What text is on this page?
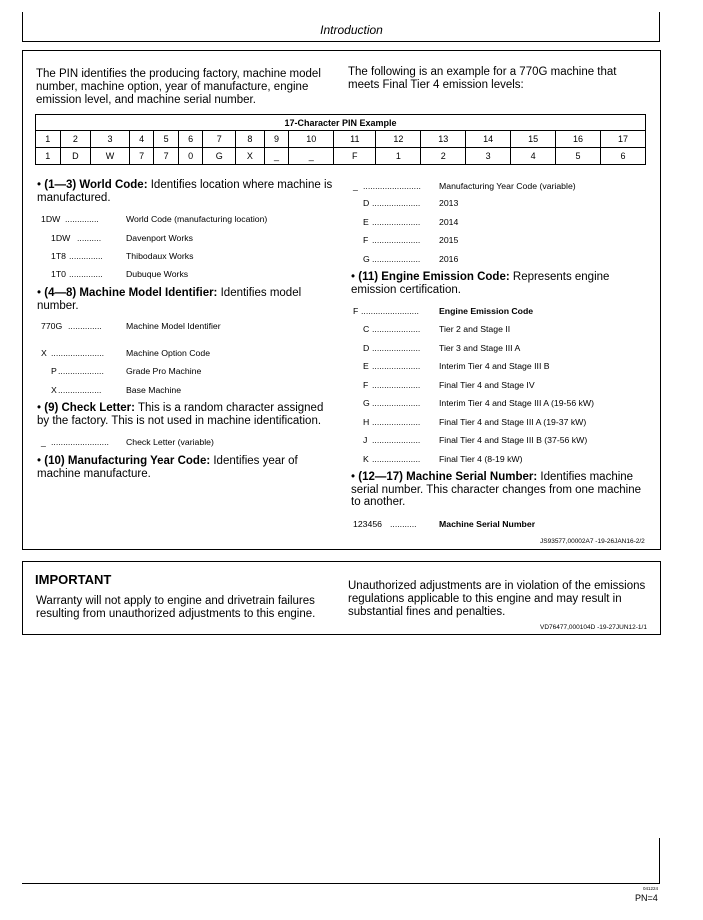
Introduction
The PIN identifies the producing factory, machine model number, machine option, year of manufacture, engine emission level, and machine serial number.
The following is an example for a 770G machine that meets Final Tier 4 emission levels:
17-Character PIN Example																
1	2	3	4	5	6	7	8	9	10	11	12	13	14	15	16	17
1	D	W	7	7	0	G	X	_	_	F	1	2	3	4	5	6
• (1—3) World Code: Identifies location where machine is manufactured.
1DW ..............	World Code (manufacturing location)
1DW ..........	Davenport Works
1T8 ..............	Thibodaux Works
1T0 ..............	Dubuque Works
• (4—8) Machine Model Identifier: Identifies model number.
770G ..............	Machine Model Identifier
X ......................	Machine Option Code
P ...................	Grade Pro Machine
X ..................	Base Machine
• (9) Check Letter: This is a random character assigned by the factory. This is not used in machine identification.
_ ........................ Check Letter (variable)
• (10) Manufacturing Year Code: Identifies year of machine manufacture.
_ ........................ Manufacturing Year Code (variable)
D .................... 2013
E .................... 2014
F .................... 2015
G .................... 2016
• (11) Engine Emission Code: Represents engine emission certification.
F ........................ Engine Emission Code
C .................... Tier 2 and Stage II
D .................... Tier 3 and Stage III A
E .................... Interim Tier 4 and Stage III B
F .................... Final Tier 4 and Stage IV
G .................... Interim Tier 4 and Stage III A (19-56 kW)
H .................... Final Tier 4 and Stage III A (19-37 kW)
J .................... Final Tier 4 and Stage III B (37-56 kW)
K .................... Final Tier 4 (8-19 kW)
• (12—17) Machine Serial Number: Identifies machine serial number. This character changes from one machine to another.
123456 ...........	Machine Serial Number
JS93577,00002A7 -19-26JAN16-2/2
IMPORTANT
Warranty will not apply to engine and drivetrain failures resulting from unauthorized adjustments to this engine.
Unauthorized adjustments are in violation of the emissions regulations applicable to this engine and may result in substantial fines and penalties.
VD76477,000104D -19-27JUN12-1/1
041224
PN=4
